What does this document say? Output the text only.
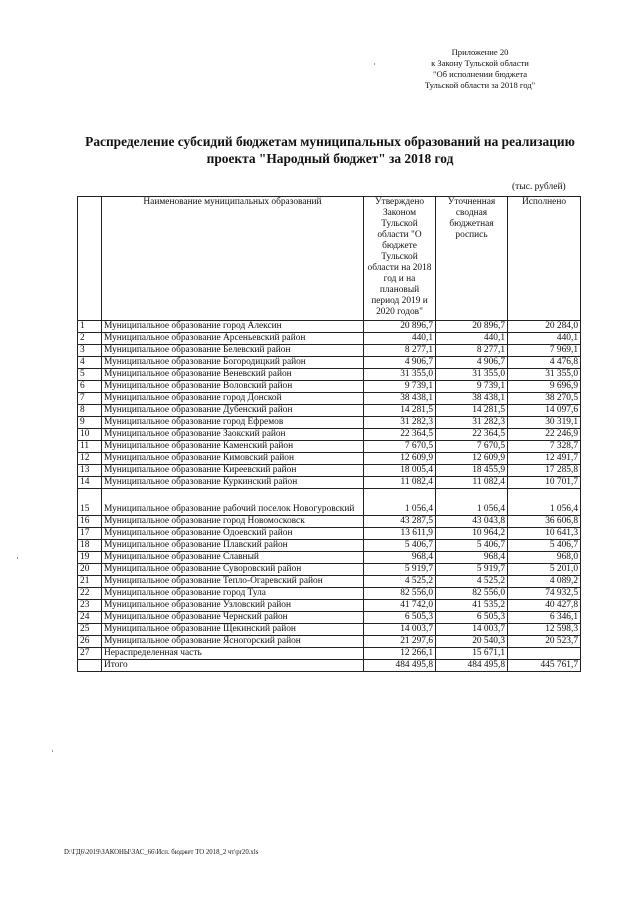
Приложение 20
к Закону Тульской области
"Об исполнении бюджета
Тульской области за 2018 год"
Распределение субсидий бюджетам муниципальных образований на реализацию
проекта "Народный бюджет" за 2018 год
(тыс. рублей)
	Наименование муниципальных образований	Утверждено Законом Тульской области "О бюджете Тульской области на 2018 год и на плановый период 2019 и 2020 годов"	Уточненная сводная бюджетная роспись	Исполнено
1	Муниципальное образование город Алексин	20 896,7	20 896,7	20 284,0
2	Муниципальное образование Арсеньевский район	440,1	440,1	440,1
3	Муниципальное образование Белевский район	8 277,1	8 277,1	7 969,1
4	Муниципальное образование Богородицкий район	4 906,7	4 906,7	4 476,8
5	Муниципальное образование Веневский район	31 355,0	31 355,0	31 355,0
6	Муниципальное образование Воловский район	9 739,1	9 739,1	9 696,9
7	Муниципальное образование город Донской	38 438,1	38 438,1	38 270,5
8	Муниципальное образование Дубенский район	14 281,5	14 281,5	14 097,6
9	Муниципальное образование город Ефремов	31 282,3	31 282,3	30 319,1
10	Муниципальное образование Заокский район	22 364,5	22 364,5	22 246,9
11	Муниципальное образование Каменский район	7 670,5	7 670,5	7 328,7
12	Муниципальное образование Кимовский район	12 609,9	12 609,9	12 491,7
13	Муниципальное образование Киреевский район	18 005,4	18 455,9	17 285,8
14	Муниципальное образование Куркинский район	11 082,4	11 082,4	10 701,7
15	Муниципальное образование рабочий поселок Новогуровский	1 056,4	1 056,4	1 056,4
16	Муниципальное образование город Новомосковск	43 287,5	43 043,8	36 606,8
17	Муниципальное образование Одоевский район	13 611,9	10 964,2	10 641,3
18	Муниципальное образование Плавский район	5 406,7	5 406,7	5 406,7
19	Муниципальное образование Славный	968,4	968,4	968,0
20	Муниципальное образование Суворовский район	5 919,7	5 919,7	5 201,0
21	Муниципальное образование Тепло-Огаревский район	4 525,2	4 525,2	4 089,2
22	Муниципальное образование город Тула	82 556,0	82 556,0	74 932,5
23	Муниципальное образование Узловский район	41 742,0	41 535,2	40 427,8
24	Муниципальное образование Чернский район	6 505,3	6 505,3	6 346,1
25	Муниципальное образование Щекинский район	14 003,7	14 003,7	12 598,3
26	Муниципальное образование Ясногорский район	21 297,6	20 540,3	20 523,7
27	Нераспределенная часть	12 266,1	15 671,1	
	Итого	484 495,8	484 495,8	445 761,7
D:\ГД6\2019\ЗАКОНЫ\ЗАС_66\Исп. бюджет ТО 2018_2 чт\pr20.xls
